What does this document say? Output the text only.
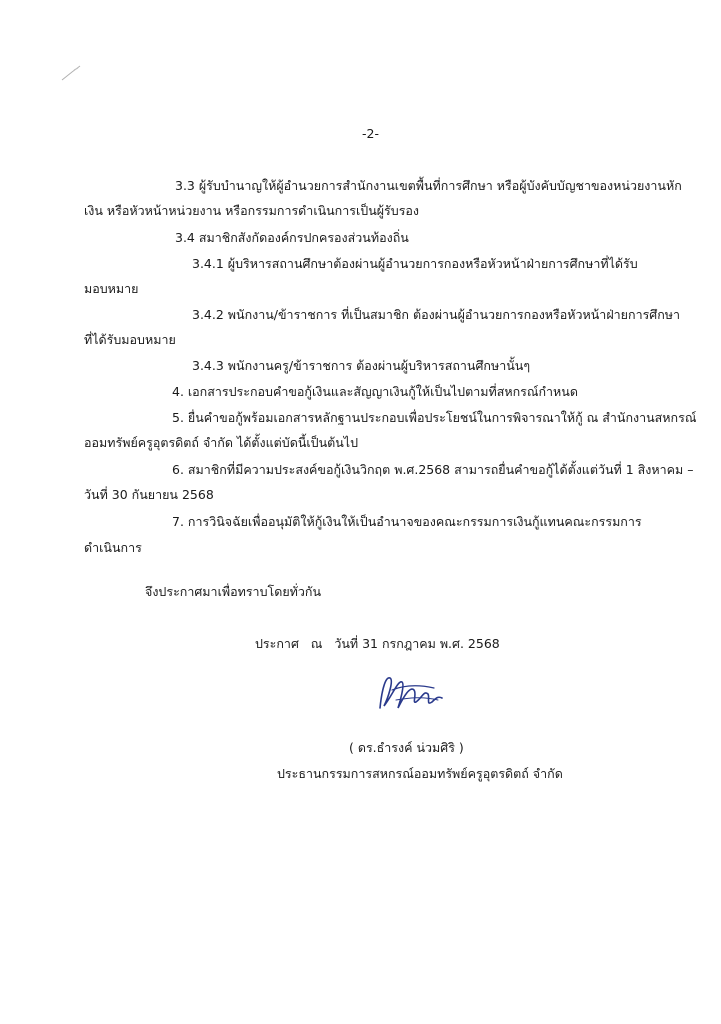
-2-
3.3 ผู้รับบำนาญให้ผู้อำนวยการสำนักงานเขตพื้นที่การศึกษา หรือผู้บังคับบัญชาของหน่วยงานหัก
เงิน หรือหัวหน้าหน่วยงาน หรือกรรมการดำเนินการเป็นผู้รับรอง
3.4 สมาชิกสังกัดองค์กรปกครองส่วนท้องถิ่น
3.4.1 ผู้บริหารสถานศึกษาต้องผ่านผู้อำนวยการกองหรือหัวหน้าฝ่ายการศึกษาที่ได้รับ
มอบหมาย
3.4.2 พนักงาน/ข้าราชการ ที่เป็นสมาชิก ต้องผ่านผู้อำนวยการกองหรือหัวหน้าฝ่ายการศึกษา
ที่ได้รับมอบหมาย
3.4.3 พนักงานครู/ข้าราชการ ต้องผ่านผู้บริหารสถานศึกษานั้นๆ
4. เอกสารประกอบคำขอกู้เงินและสัญญาเงินกู้ให้เป็นไปตามที่สหกรณ์กำหนด
5. ยื่นคำขอกู้พร้อมเอกสารหลักฐานประกอบเพื่อประโยชน์ในการพิจารณาให้กู้ ณ สำนักงานสหกรณ์
ออมทรัพย์ครูอุตรดิตถ์ จำกัด ได้ตั้งแต่บัดนี้เป็นต้นไป
6. สมาชิกที่มีความประสงค์ขอกู้เงินวิกฤต พ.ศ.2568 สามารถยื่นคำขอกู้ได้ตั้งแต่วันที่ 1 สิงหาคม –
วันที่ 30 กันยายน 2568
7. การวินิจฉัยเพื่ออนุมัติให้กู้เงินให้เป็นอำนาจของคณะกรรมการเงินกู้แทนคณะกรรมการ
ดำเนินการ
จึงประกาศมาเพื่อทราบโดยทั่วกัน
ประกาศ   ณ   วันที่ 31 กรกฎาคม พ.ศ. 2568
( ดร.ธำรงค์ น่วมศิริ )
ประธานกรรมการสหกรณ์ออมทรัพย์ครูอุตรดิตถ์ จำกัด
